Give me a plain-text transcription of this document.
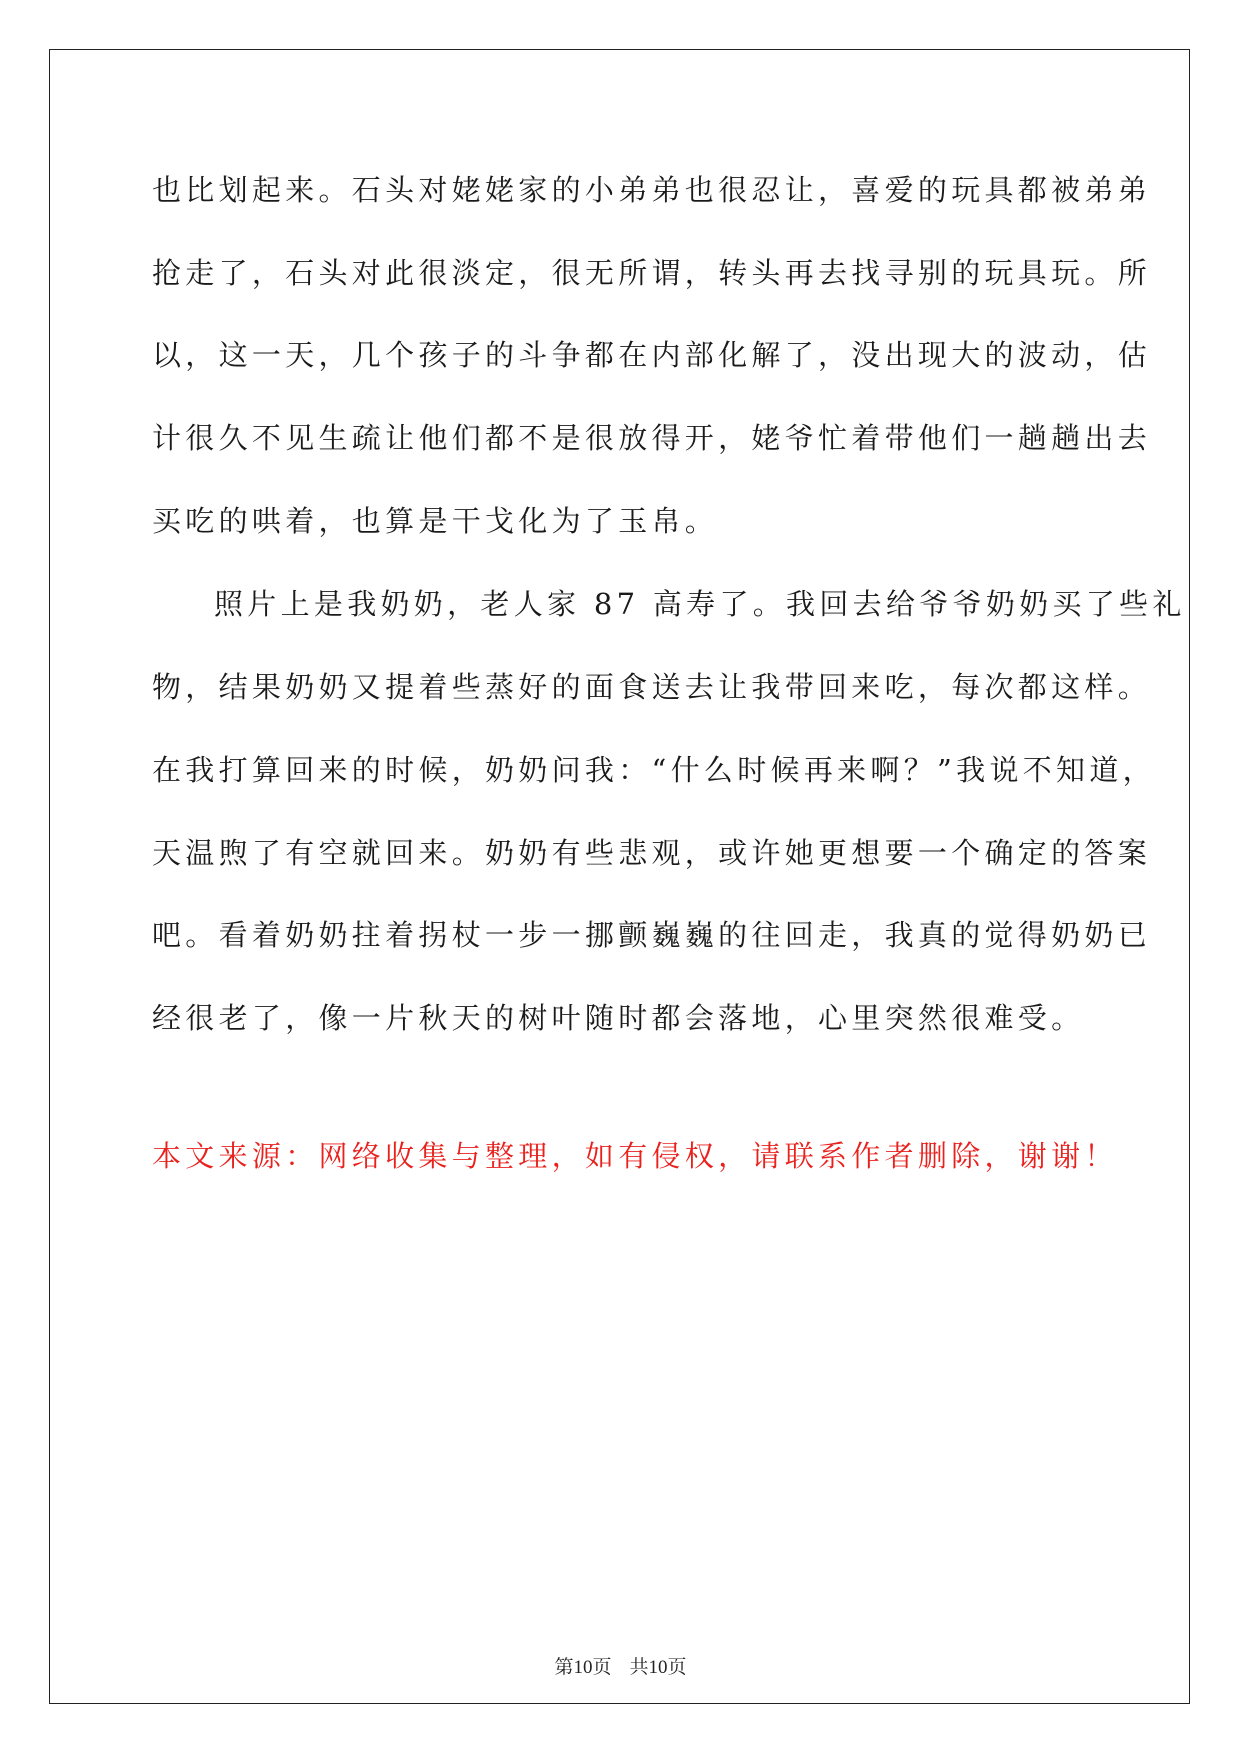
也比划起来。石头对姥姥家的小弟弟也很忍让，喜爱的玩具都被弟弟
抢走了，石头对此很淡定，很无所谓，转头再去找寻别的玩具玩。所
以，这一天，几个孩子的斗争都在内部化解了，没出现大的波动，估
计很久不见生疏让他们都不是很放得开，姥爷忙着带他们一趟趟出去
买吃的哄着，也算是干戈化为了玉帛。
照片上是我奶奶，老人家 87 高寿了。我回去给爷爷奶奶买了些礼
物，结果奶奶又提着些蒸好的面食送去让我带回来吃，每次都这样。
在我打算回来的时候，奶奶问我：“什么时候再来啊？”我说不知道，
天温煦了有空就回来。奶奶有些悲观，或许她更想要一个确定的答案
吧。看着奶奶拄着拐杖一步一挪颤巍巍的往回走，我真的觉得奶奶已
经很老了，像一片秋天的树叶随时都会落地，心里突然很难受。
本文来源：网络收集与整理，如有侵权，请联系作者删除，谢谢！
第10页 共10页
